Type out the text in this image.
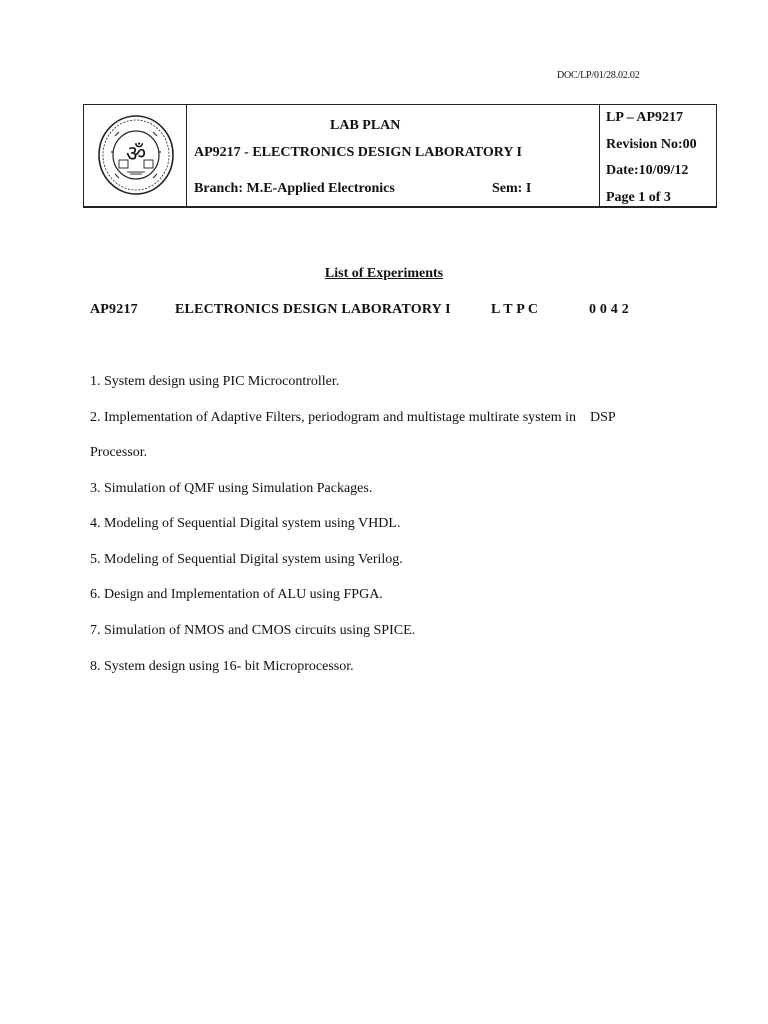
DOC/LP/01/28.02.02
ॐ
LAB PLAN
AP9217 - ELECTRONICS DESIGN LABORATORY I
Branch: M.E-Applied Electronics	Sem: I
LP – AP9217
Revision No:00
Date:10/09/12
Page 1 of 3
List of Experiments
AP9217	ELECTRONICS DESIGN LABORATORY I	L T P C	0 0 4 2
1. System design using PIC Microcontroller.
2. Implementation of Adaptive Filters, periodogram and multistage multirate system in    DSP
Processor.
3. Simulation of QMF using Simulation Packages.
4. Modeling of Sequential Digital system using VHDL.
5. Modeling of Sequential Digital system using Verilog.
6. Design and Implementation of ALU using FPGA.
7. Simulation of NMOS and CMOS circuits using SPICE.
8. System design using 16- bit Microprocessor.
